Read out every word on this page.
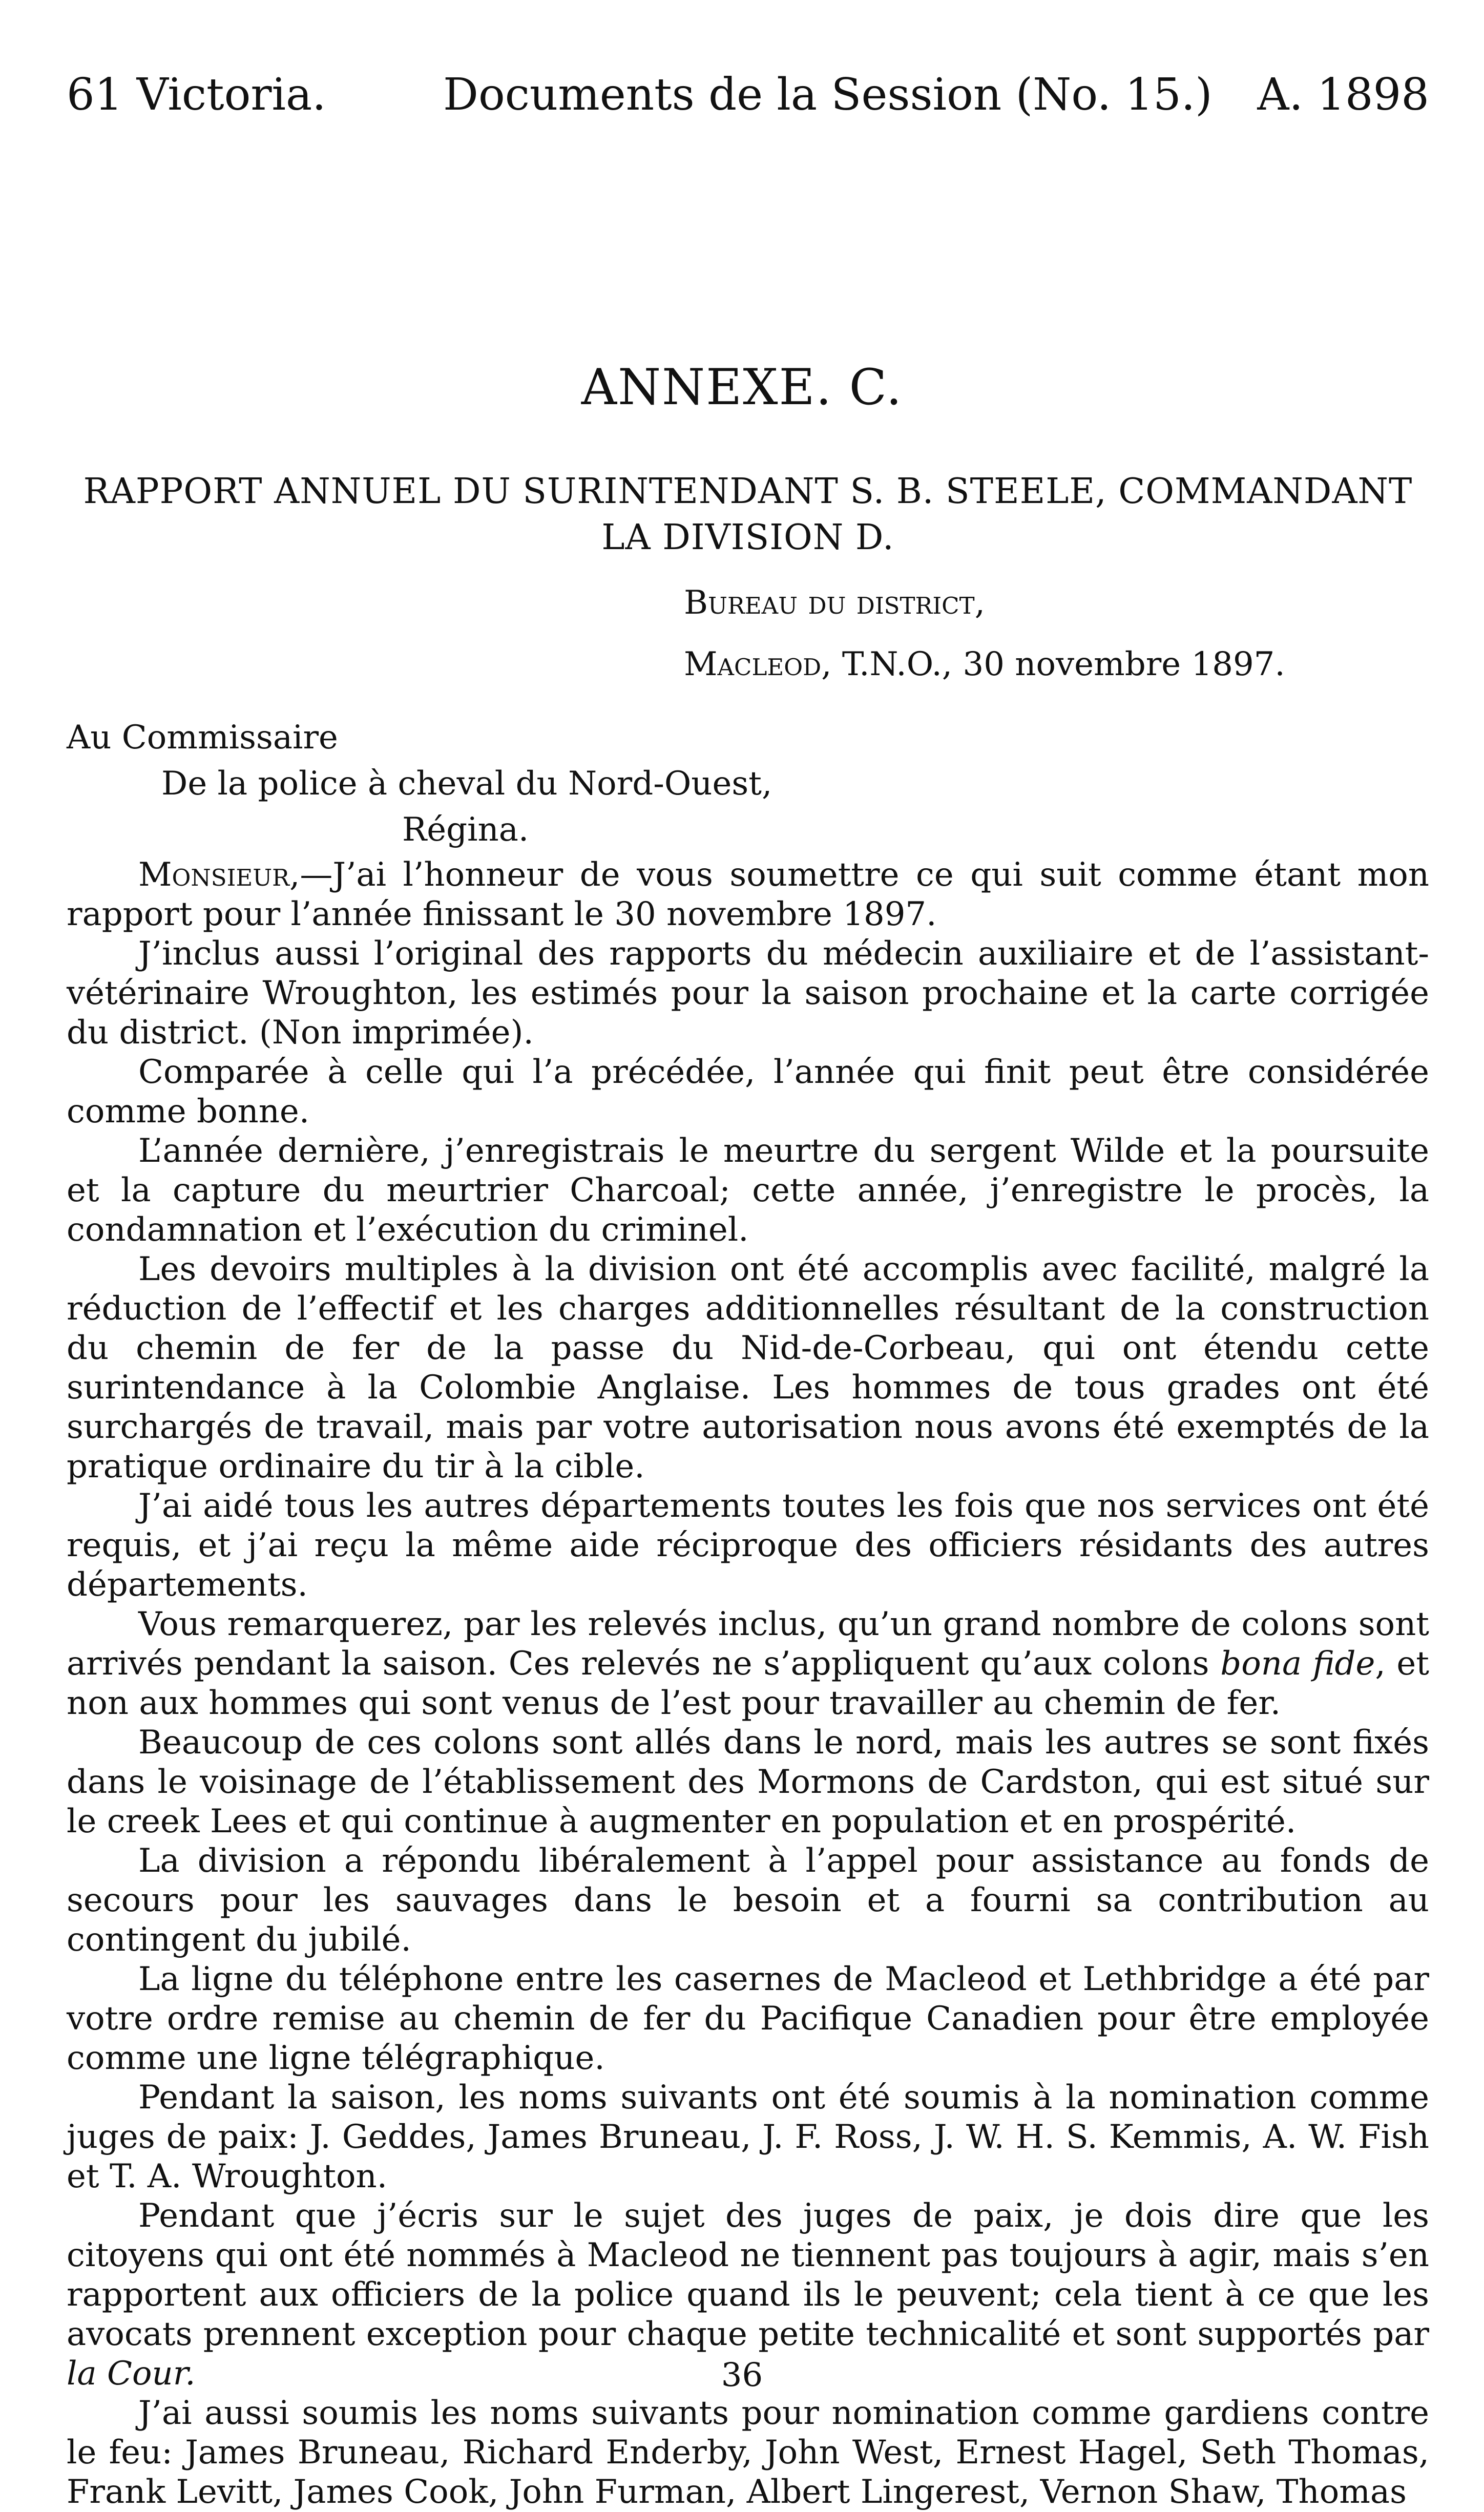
61 Victoria.	Documents de la Session (No. 15.) A. 1898
ANNEXE. C.
RAPPORT ANNUEL DU SURINTENDANT S. B. STEELE, COMMANDANT
LA DIVISION D.
Bureau du district,
Macleod, T.N.O., 30 novembre 1897.
Au Commissaire
De la police à cheval du Nord-Ouest,
Régina.

Monsieur,—J’ai l’honneur de vous soumettre ce qui suit comme étant mon rapport pour l’année finissant le 30 novembre 1897.

J’inclus aussi l’original des rapports du médecin auxiliaire et de l’assistant-vétérinaire Wroughton, les estimés pour la saison prochaine et la carte corrigée du district. (Non imprimée).

Comparée à celle qui l’a précédée, l’année qui finit peut être considérée comme bonne.

L’année dernière, j’enregistrais le meurtre du sergent Wilde et la poursuite et la capture du meurtrier Charcoal; cette année, j’enregistre le procès, la condamnation et l’exécution du criminel.

Les devoirs multiples à la division ont été accomplis avec facilité, malgré la réduction de l’effectif et les charges additionnelles résultant de la construction du chemin de fer de la passe du Nid-de-Corbeau, qui ont étendu cette surintendance à la Colombie Anglaise. Les hommes de tous grades ont été surchargés de travail, mais par votre autorisation nous avons été exemptés de la pratique ordinaire du tir à la cible.

J’ai aidé tous les autres départements toutes les fois que nos services ont été requis, et j’ai reçu la même aide réciproque des officiers résidants des autres départements.

Vous remarquerez, par les relevés inclus, qu’un grand nombre de colons sont arrivés pendant la saison. Ces relevés ne s’appliquent qu’aux colons bona fide, et non aux hommes qui sont venus de l’est pour travailler au chemin de fer.

Beaucoup de ces colons sont allés dans le nord, mais les autres se sont fixés dans le voisinage de l’établissement des Mormons de Cardston, qui est situé sur le creek Lees et qui continue à augmenter en population et en prospérité.

La division a répondu libéralement à l’appel pour assistance au fonds de secours pour les sauvages dans le besoin et a fourni sa contribution au contingent du jubilé.

La ligne du téléphone entre les casernes de Macleod et Lethbridge a été par votre ordre remise au chemin de fer du Pacifique Canadien pour être employée comme une ligne télégraphique.

Pendant la saison, les noms suivants ont été soumis à la nomination comme juges de paix: J. Geddes, James Bruneau, J. F. Ross, J. W. H. S. Kemmis, A. W. Fish et T. A. Wroughton.

Pendant que j’écris sur le sujet des juges de paix, je dois dire que les citoyens qui ont été nommés à Macleod ne tiennent pas toujours à agir, mais s’en rapportent aux officiers de la police quand ils le peuvent; cela tient à ce que les avocats prennent exception pour chaque petite technicalité et sont supportés par la Cour.

J’ai aussi soumis les noms suivants pour nomination comme gardiens contre le feu: James Bruneau, Richard Enderby, John West, Ernest Hagel, Seth Thomas, Frank Levitt, James Cook, John Furman, Albert Lingerest, Vernon Shaw, Thomas

36
